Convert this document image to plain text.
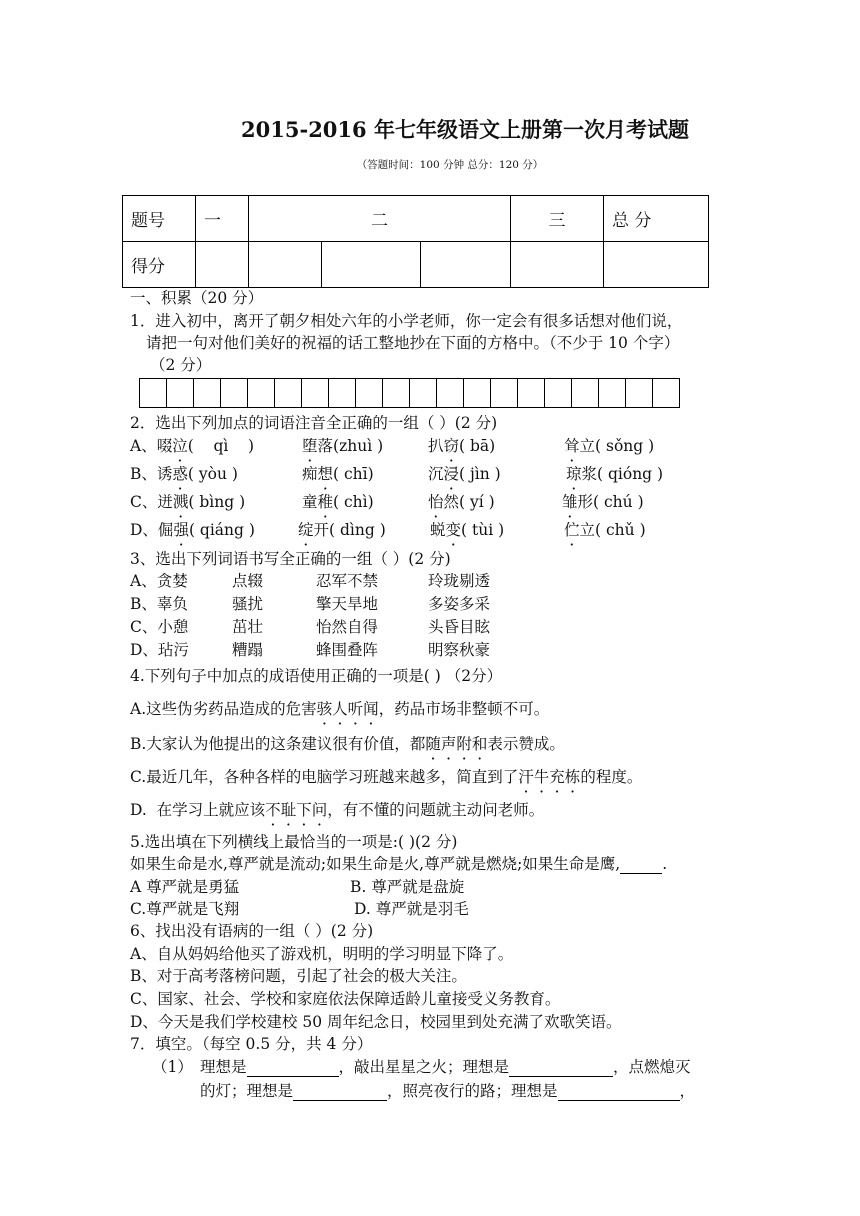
2015-2016 年七年级语文上册第一次月考试题
（答题时间：100 分钟 总分：120 分）
题号	一	二			三	总 分
得分						
一、积累（20 分）
1．进入初中，离开了朝夕相处六年的小学老师，你一定会有很多话想对他们说，
请把一句对他们美好的祝福的话工整地抄在下面的方格中。（不少于 10 个字）
（2 分）
2．选出下列加点的词语注音全正确的一组（ ）(2 分)
A、啜泣(    qì    )	堕落(zhuì )	扒窃( bā)	耸立( sǒng )
B、诱惑( yòu )	痴想( chī)	沉浸( jìn )	琼浆( qióng )
C、迸溅( bìng )	童稚( chì)	怡然( yí )	雏形( chú )
D、倔强( qiáng )	绽开( dìng )	蜕变( tùi )	伫立( chǔ )
3、选出下列词语书写全正确的一组（ ）(2 分)
A、贪婪	点辍	忍军不禁	玲珑剔透
B、辜负	骚扰	擎天旱地	多姿多采
C、小憩	茁壮	怡然自得	头昏目眩
D、玷污	糟蹋	蜂围叠阵	明察秋豪
4.下列句子中加点的成语使用正确的一项是( ) （2分）
A.这些伪劣药品造成的危害骇人听闻，药品市场非整顿不可。
B.大家认为他提出的这条建议很有价值，都随声附和表示赞成。
C.最近几年，各种各样的电脑学习班越来越多，简直到了汗牛充栋的程度。
D.  在学习上就应该不耻下问，有不懂的问题就主动问老师。
5.选出填在下列横线上最恰当的一项是:( )(2 分)
如果生命是水,尊严就是流动;如果生命是火,尊严就是燃烧;如果生命是鹰,	.
A 尊严就是勇猛	B. 尊严就是盘旋
C.尊严就是飞翔	D. 尊严就是羽毛
6、找出没有语病的一组（ ）(2 分)
A、自从妈妈给他买了游戏机，明明的学习明显下降了。
B、对于高考落榜问题，引起了社会的极大关注。
C、国家、社会、学校和家庭依法保障适龄儿童接受义务教育。
D、今天是我们学校建校 50 周年纪念日，校园里到处充满了欢歌笑语。
7．填空。（每空 0.5 分，共 4 分）
（1） 理想是	，敲出星星之火；理想是	，点燃熄灭
的灯；理想是	，照亮夜行的路；理想是	，
